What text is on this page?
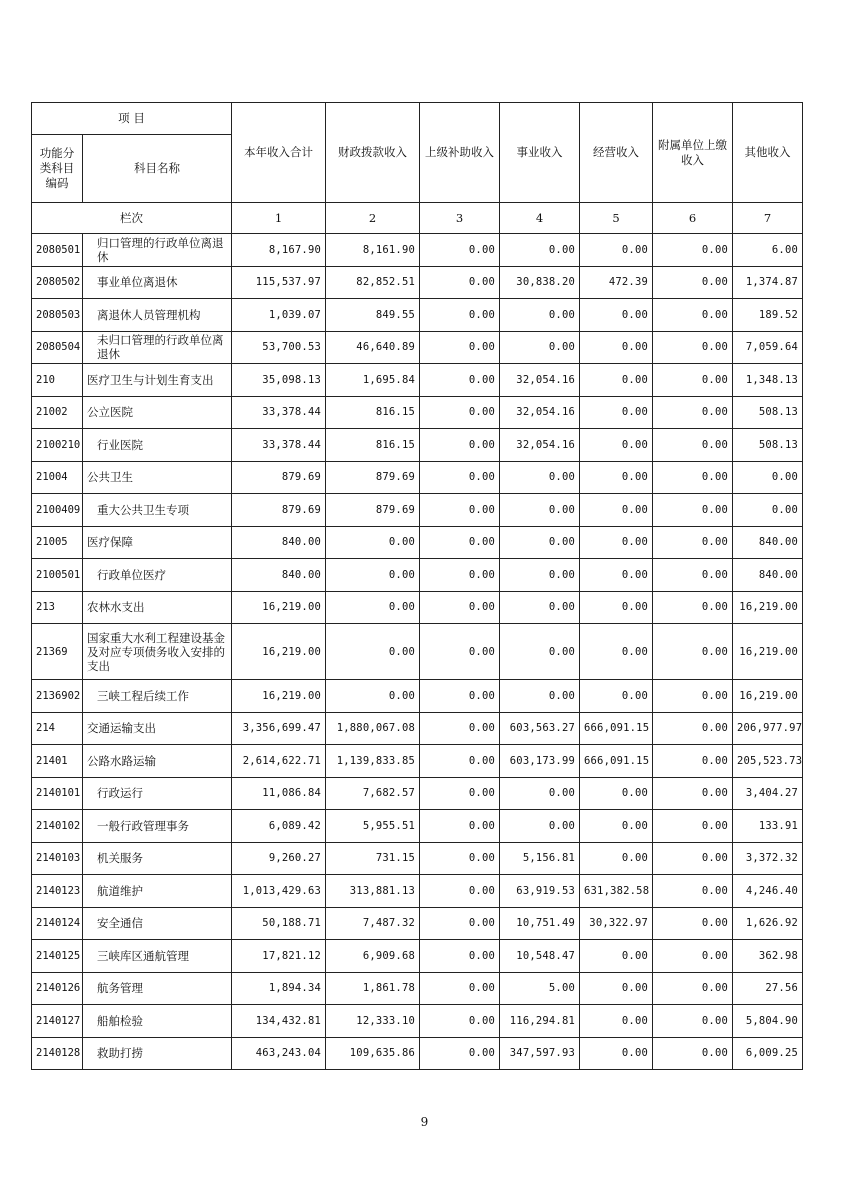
项 目		本年收入合计	财政拨款收入	上级补助收入	事业收入	经营收入	附属单位上缴收入	其他收入
功能分类科目编码	科目名称							
栏次		1	2	3	4	5	6	7
2080501	归口管理的行政单位离退休	8,167.90	8,161.90	0.00	0.00	0.00	0.00	6.00
2080502	事业单位离退休	115,537.97	82,852.51	0.00	30,838.20	472.39	0.00	1,374.87
2080503	离退休人员管理机构	1,039.07	849.55	0.00	0.00	0.00	0.00	189.52
2080504	未归口管理的行政单位离退休	53,700.53	46,640.89	0.00	0.00	0.00	0.00	7,059.64
210	医疗卫生与计划生育支出	35,098.13	1,695.84	0.00	32,054.16	0.00	0.00	1,348.13
21002	公立医院	33,378.44	816.15	0.00	32,054.16	0.00	0.00	508.13
2100210	行业医院	33,378.44	816.15	0.00	32,054.16	0.00	0.00	508.13
21004	公共卫生	879.69	879.69	0.00	0.00	0.00	0.00	0.00
2100409	重大公共卫生专项	879.69	879.69	0.00	0.00	0.00	0.00	0.00
21005	医疗保障	840.00	0.00	0.00	0.00	0.00	0.00	840.00
2100501	行政单位医疗	840.00	0.00	0.00	0.00	0.00	0.00	840.00
213	农林水支出	16,219.00	0.00	0.00	0.00	0.00	0.00	16,219.00
21369	国家重大水利工程建设基金及对应专项债务收入安排的支出	16,219.00	0.00	0.00	0.00	0.00	0.00	16,219.00
2136902	三峡工程后续工作	16,219.00	0.00	0.00	0.00	0.00	0.00	16,219.00
214	交通运输支出	3,356,699.47	1,880,067.08	0.00	603,563.27	666,091.15	0.00	206,977.97
21401	公路水路运输	2,614,622.71	1,139,833.85	0.00	603,173.99	666,091.15	0.00	205,523.73
2140101	行政运行	11,086.84	7,682.57	0.00	0.00	0.00	0.00	3,404.27
2140102	一般行政管理事务	6,089.42	5,955.51	0.00	0.00	0.00	0.00	133.91
2140103	机关服务	9,260.27	731.15	0.00	5,156.81	0.00	0.00	3,372.32
2140123	航道维护	1,013,429.63	313,881.13	0.00	63,919.53	631,382.58	0.00	4,246.40
2140124	安全通信	50,188.71	7,487.32	0.00	10,751.49	30,322.97	0.00	1,626.92
2140125	三峡库区通航管理	17,821.12	6,909.68	0.00	10,548.47	0.00	0.00	362.98
2140126	航务管理	1,894.34	1,861.78	0.00	5.00	0.00	0.00	27.56
2140127	船舶检验	134,432.81	12,333.10	0.00	116,294.81	0.00	0.00	5,804.90
2140128	救助打捞	463,243.04	109,635.86	0.00	347,597.93	0.00	0.00	6,009.25
9
